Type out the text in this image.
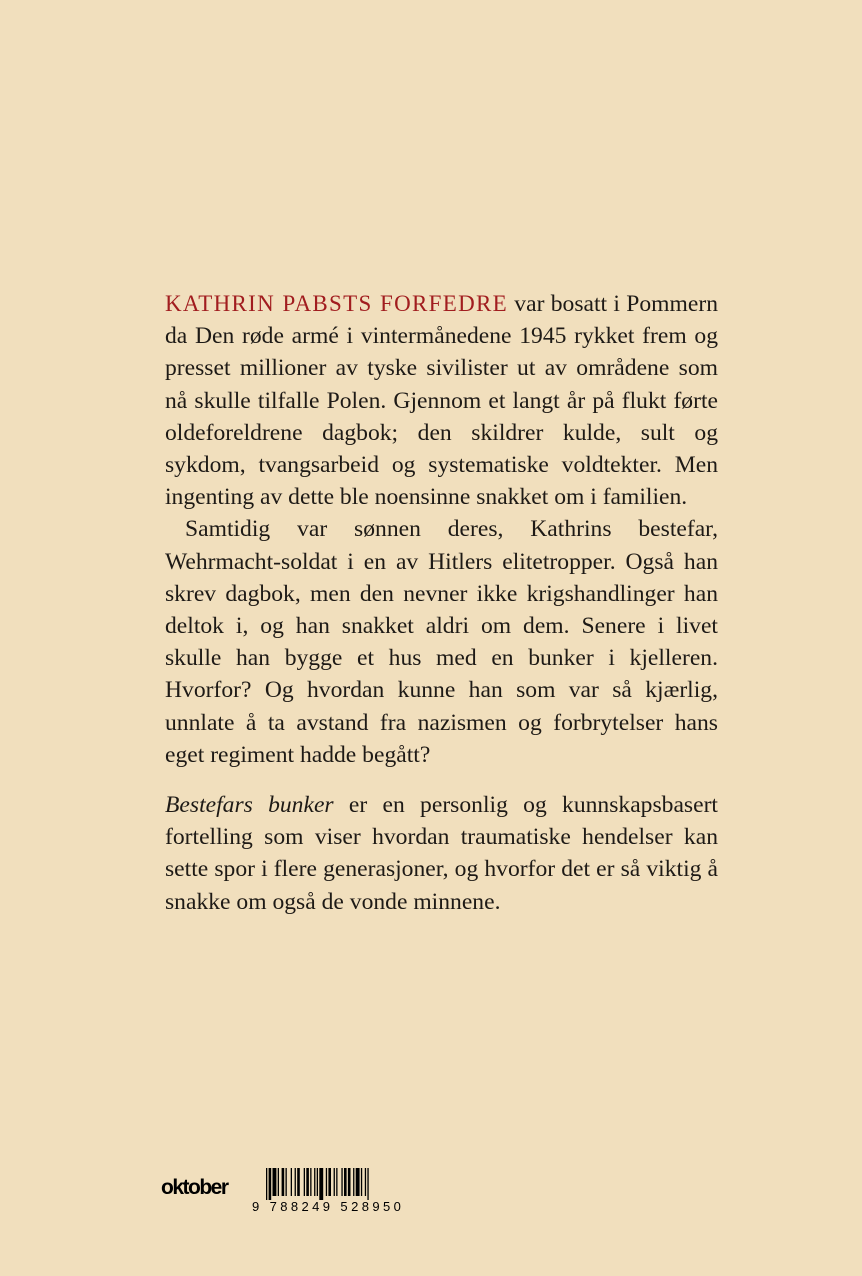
KATHRIN PABSTS FORFEDRE var bosatt i Pommern da Den røde armé i vintermånedene 1945 rykket frem og presset millioner av tyske sivilister ut av områdene som nå skulle tilfalle Polen. Gjennom et langt år på flukt førte oldeforeldrene dagbok; den skildrer kulde, sult og sykdom, tvangsarbeid og systematiske voldtekter. Men ingenting av dette ble noensinne snakket om i familien.

Samtidig var sønnen deres, Kathrins bestefar, Wehrmacht-soldat i en av Hitlers elitetropper. Også han skrev dagbok, men den nevner ikke krigshandlinger han deltok i, og han snakket aldri om dem. Senere i livet skulle han bygge et hus med en bunker i kjelleren. Hvorfor? Og hvordan kunne han som var så kjærlig, unnlate å ta avstand fra nazismen og forbrytelser hans eget regiment hadde begått?

Bestefars bunker er en personlig og kunnskapsbasert fortelling som viser hvordan traumatiske hendelser kan sette spor i flere generasjoner, og hvorfor det er så viktig å snakke om også de vonde minnene.

oktober
9 788249 528950
